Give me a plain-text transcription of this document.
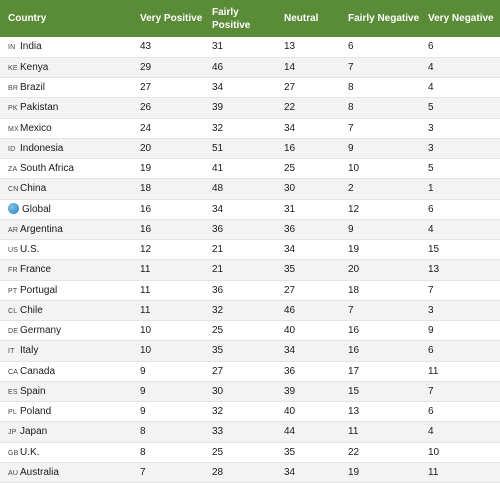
Country	Very Positive	Fairly Positive	Neutral	Fairly Negative	Very Negative
IN India	43	31	13	6	6
KE Kenya	29	46	14	7	4
BR Brazil	27	34	27	8	4
PK Pakistan	26	39	22	8	5
MXMexico	24	32	34	7	3
ID Indonesia	20	51	16	9	3
ZA South Africa	19	41	25	10	5
CNChina	18	48	30	2	1
Global	16	34	31	12	6
AR Argentina	16	36	36	9	4
US U.S.	12	21	34	19	15
FR France	11	21	35	20	13
PT Portugal	11	36	27	18	7
CL Chile	11	32	46	7	3
DE Germany	10	25	40	16	9
IT Italy	10	35	34	16	6
CA Canada	9	27	36	17	11
ES Spain	9	30	39	15	7
PL Poland	9	32	40	13	6
JP Japan	8	33	44	11	4
GBU.K.	8	25	35	22	10
AU Australia	7	28	34	19	11
